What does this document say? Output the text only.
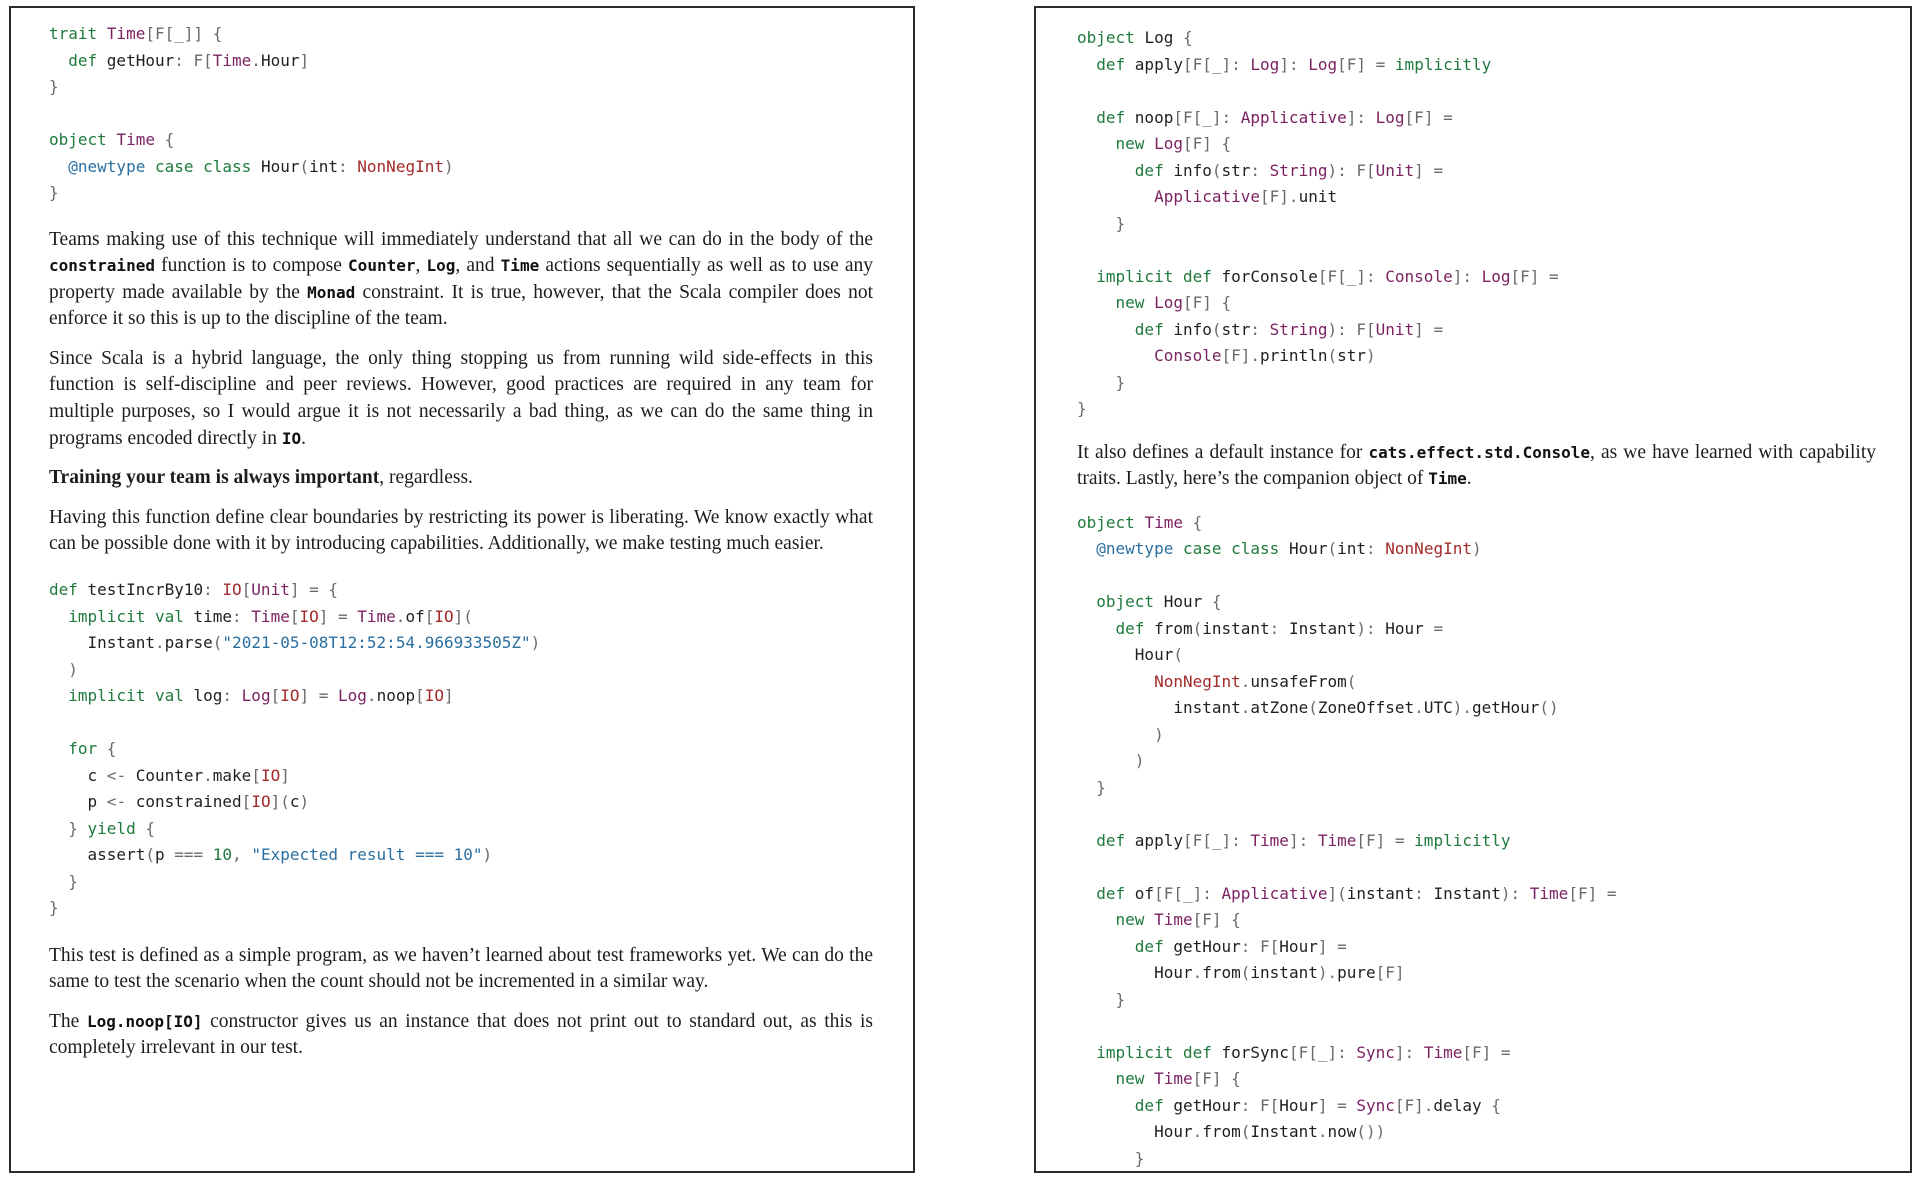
trait Time[F[_]] {
def getHour: F[Time.Hour]
}
object Time {
@newtype case class Hour(int: NonNegInt)
}

Teams making use of this technique will immediately understand that all we can do in the body of the constrained function is to compose Counter, Log, and Time actions sequentially as well as to use any property made available by the Monad constraint. It is true, however, that the Scala compiler does not enforce it so this is up to the discipline of the team.

Since Scala is a hybrid language, the only thing stopping us from running wild side-effects in this function is self-discipline and peer reviews. However, good practices are required in any team for multiple purposes, so I would argue it is not necessarily a bad thing, as we can do the same thing in programs encoded directly in IO.

Training your team is always important, regardless.

Having this function define clear boundaries by restricting its power is liberating. We know exactly what can be possible done with it by introducing capabilities. Additionally, we make testing much easier.

def testIncrBy10: IO[Unit] = {
implicit val time: Time[IO] = Time.of[IO](
Instant.parse("2021-05-08T12:52:54.966933505Z")
)
implicit val log: Log[IO] = Log.noop[IO]
for {
c <- Counter.make[IO]
p <- constrained[IO](c)
} yield {
assert(p === 10, "Expected result === 10")
}
}

This test is defined as a simple program, as we haven’t learned about test frameworks yet. We can do the same to test the scenario when the count should not be incremented in a similar way.

The Log.noop[IO] constructor gives us an instance that does not print out to standard out, as this is completely irrelevant in our test.

object Log {
def apply[F[_]: Log]: Log[F] = implicitly
def noop[F[_]: Applicative]: Log[F] =
new Log[F] {
def info(str: String): F[Unit] =
Applicative[F].unit
}
implicit def forConsole[F[_]: Console]: Log[F] =
new Log[F] {
def info(str: String): F[Unit] =
Console[F].println(str)
}
}

It also defines a default instance for cats.effect.std.Console, as we have learned with capability traits. Lastly, here’s the companion object of Time.

object Time {
@newtype case class Hour(int: NonNegInt)
object Hour {
def from(instant: Instant): Hour =
Hour(
NonNegInt.unsafeFrom(
instant.atZone(ZoneOffset.UTC).getHour()
)
)
}
def apply[F[_]: Time]: Time[F] = implicitly
def of[F[_]: Applicative](instant: Instant): Time[F] =
new Time[F] {
def getHour: F[Hour] =
Hour.from(instant).pure[F]
}
implicit def forSync[F[_]: Sync]: Time[F] =
new Time[F] {
def getHour: F[Hour] = Sync[F].delay {
Hour.from(Instant.now())
}
